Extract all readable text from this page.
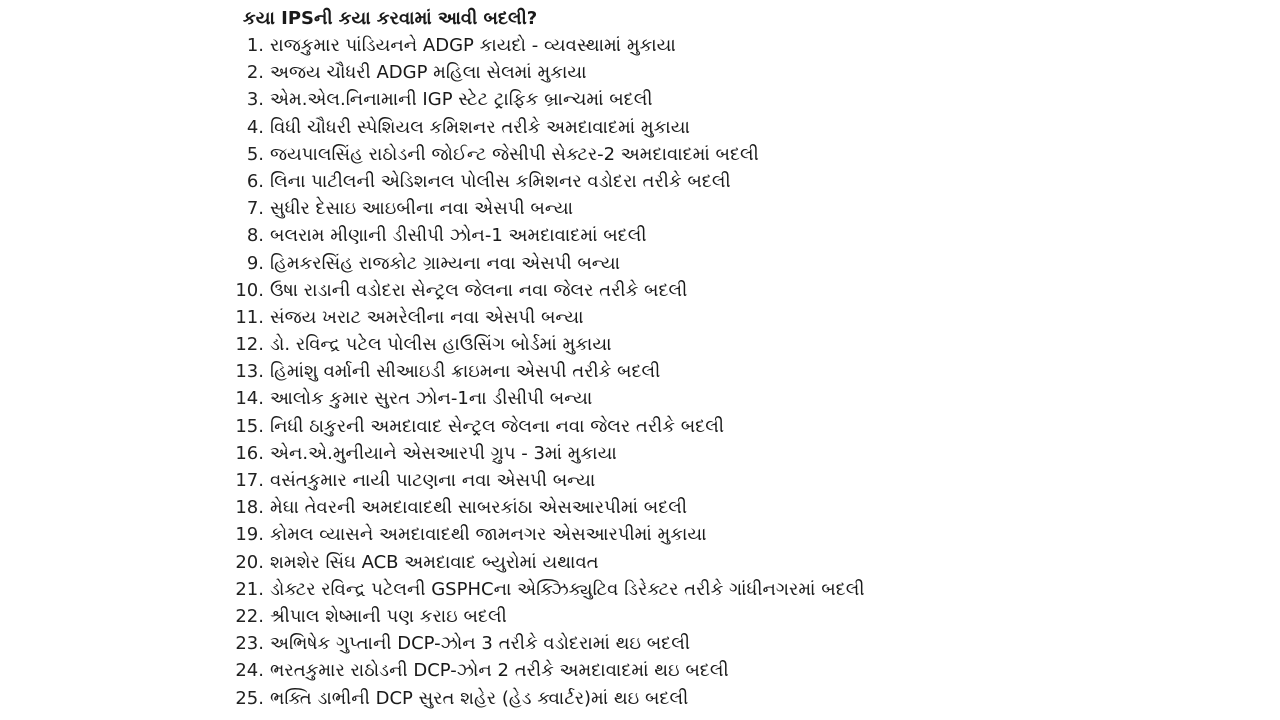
કયા IPSની કયા કરવામાં આવી બદલી?
1. રાજકુમાર પાંડિયનને ADGP કાયદો - વ્યવસ્થામાં મુકાયા
2. અજય ચૌધરી ADGP મહિલા સેલમાં મુકાયા
3. એમ.એલ.નિનામાની IGP સ્ટેટ ટ્રાફિક બ્રાન્ચમાં બદલી
4. વિધી ચૌધરી સ્પેશિયલ કમિશનર તરીકે અમદાવાદમાં મુકાયા
5. જયપાલસિંહ રાઠોડની જોઈન્ટ જેસીપી સેક્ટર-2 અમદાવાદમાં બદલી
6. લિના પાટીલની એડિશનલ પોલીસ કમિશનર વડોદરા તરીકે બદલી
7. સુધીર દેસાઇ આઇબીના નવા એસપી બન્યા
8. બલરામ મીણાની ડીસીપી ઝોન-1 અમદાવાદમાં બદલી
9. હિમકરસિંહ રાજકોટ ગ્રામ્યના નવા એસપી બન્યા
10. ઉષા રાડાની વડોદરા સેન્ટ્રલ જેલના નવા જેલર તરીકે બદલી
11. સંજય ખરાટ અમરેલીના નવા એસપી બન્યા
12. ડો. રવિન્દ્ર પટેલ પોલીસ હાઉસિંગ બોર્ડમાં મુકાયા
13. હિમાંશુ વર્માની સીઆઇડી ક્રાઇમના એસપી તરીકે બદલી
14. આલોક કુમાર સુરત ઝોન-1ના ડીસીપી બન્યા
15. નિધી ઠાકુરની અમદાવાદ સેન્ટ્રલ જેલના નવા જેલર તરીકે બદલી
16. એન.એ.મુનીયાને એસઆરપી ગ્રુપ - 3માં મુકાયા
17. વસંતકુમાર નાયી પાટણના નવા એસપી બન્યા
18. મેઘા તેવરની અમદાવાદથી સાબરકાંઠા એસઆરપીમાં બદલી
19. કોમલ વ્યાસને અમદાવાદથી જામનગર એસઆરપીમાં મુકાયા
20. શમશેર સિંઘ ACB અમદાવાદ બ્યુરોમાં યથાવત
21. ડોક્ટર રવિન્દ્ર પટેલની GSPHCના એક્ઝિક્યુટિવ ડિરેક્ટર તરીકે ગાંધીનગરમાં બદલી
22. શ્રીપાલ શેષ્માની પણ કરાઇ બદલી
23. અભિષેક ગુપ્તાની DCP-ઝોન 3 તરીકે વડોદરામાં થઇ બદલી
24. ભરતકુમાર રાઠોડની DCP-ઝોન 2 તરીકે અમદાવાદમાં થઇ બદલી
25. ભક્તિ ડાભીની DCP સુરત શહેર (હેડ ક્વાર્ટર)માં થઇ બદલી
